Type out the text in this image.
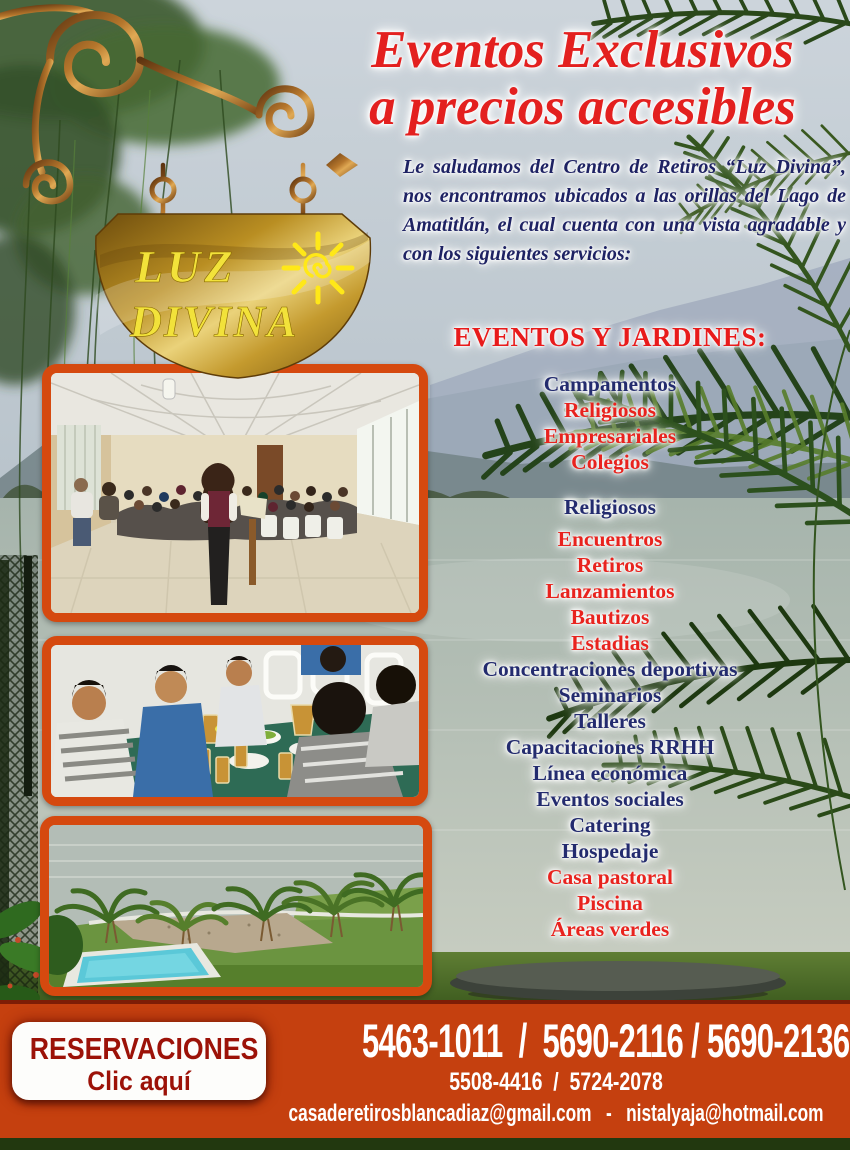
LUZ
DIVINA
Eventos Exclusivos
a precios accesibles
Le saludamos del Centro de Retiros “Luz Divina”, nos encontramos ubicados a las orillas del Lago de Amatitlán, el cual cuenta con una vista agradable y con los siguientes servicios:
EVENTOS Y JARDINES:
Campamentos
Religiosos
Empresariales
Colegios
Religiosos
Encuentros
Retiros
Lanzamientos
Bautizos
Estadias
Concentraciones deportivas
Seminarios
Talleres
Capacitaciones RRHH
Línea económica
Eventos sociales
Catering
Hospedaje
Casa pastoral
Piscina
Áreas verdes
RESERVACIONES
Clic aquí
5463-1011  /  5690-2116 / 5690-2136
5508-4416  /  5724-2078
casaderetirosblancadiaz@gmail.com - nistalyaja@hotmail.com
